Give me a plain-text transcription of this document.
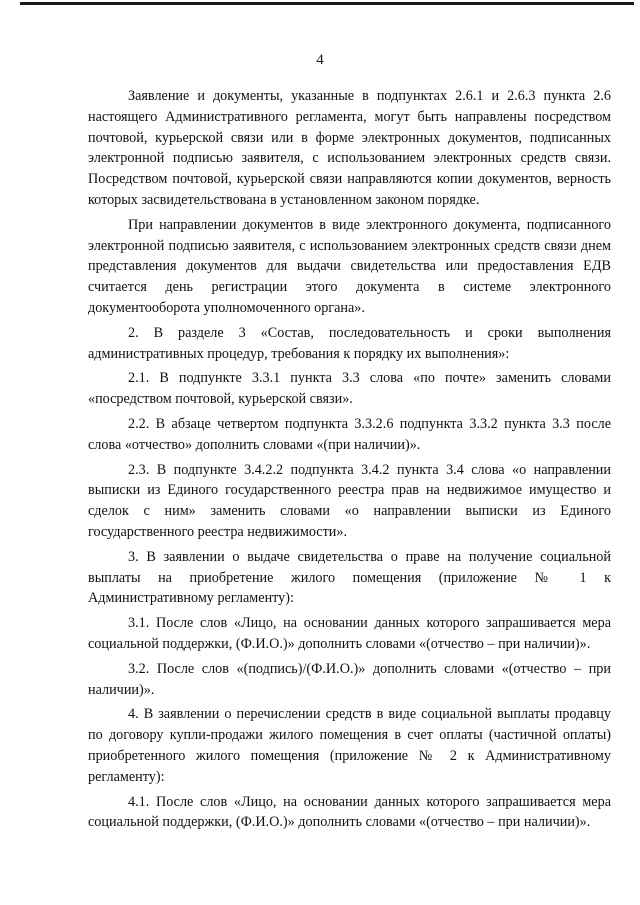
4

Заявление и документы, указанные в подпунктах 2.6.1 и 2.6.3 пункта 2.6 настоящего Административного регламента, могут быть направлены посредством почтовой, курьерской связи или в форме электронных документов, подписанных электронной подписью заявителя, с использованием электронных средств связи. Посредством почтовой, курьерской связи направляются копии документов, верность которых засвидетельствована в установленном законом порядке.

При направлении документов в виде электронного документа, подписанного электронной подписью заявителя, с использованием электронных средств связи днем представления документов для выдачи свидетельства или предоставления ЕДВ считается день регистрации этого документа в системе электронного документооборота уполномоченного органа».

2. В разделе 3 «Состав, последовательность и сроки выполнения административных процедур, требования к порядку их выполнения»:

2.1. В подпункте 3.3.1 пункта 3.3 слова «по почте» заменить словами «посредством почтовой, курьерской связи».

2.2. В абзаце четвертом подпункта 3.3.2.6 подпункта 3.3.2 пункта 3.3 после слова «отчество» дополнить словами «(при наличии)».

2.3. В подпункте 3.4.2.2 подпункта 3.4.2 пункта 3.4 слова «о направлении выписки из Единого государственного реестра прав на недвижимое имущество и сделок с ним» заменить словами «о направлении выписки из Единого государственного реестра недвижимости».

3. В заявлении о выдаче свидетельства о праве на получение социальной выплаты на приобретение жилого помещения (приложение № 1 к Административному регламенту):

3.1. После слов «Лицо, на основании данных которого запрашивается мера социальной поддержки, (Ф.И.О.)» дополнить словами «(отчество – при наличии)».

3.2. После слов «(подпись)/(Ф.И.О.)» дополнить словами «(отчество – при наличии)».

4. В заявлении о перечислении средств в виде социальной выплаты продавцу по договору купли-продажи жилого помещения в счет оплаты (частичной оплаты) приобретенного жилого помещения (приложение № 2 к Административному регламенту):

4.1. После слов «Лицо, на основании данных которого запрашивается мера социальной поддержки, (Ф.И.О.)» дополнить словами «(отчество – при наличии)».
